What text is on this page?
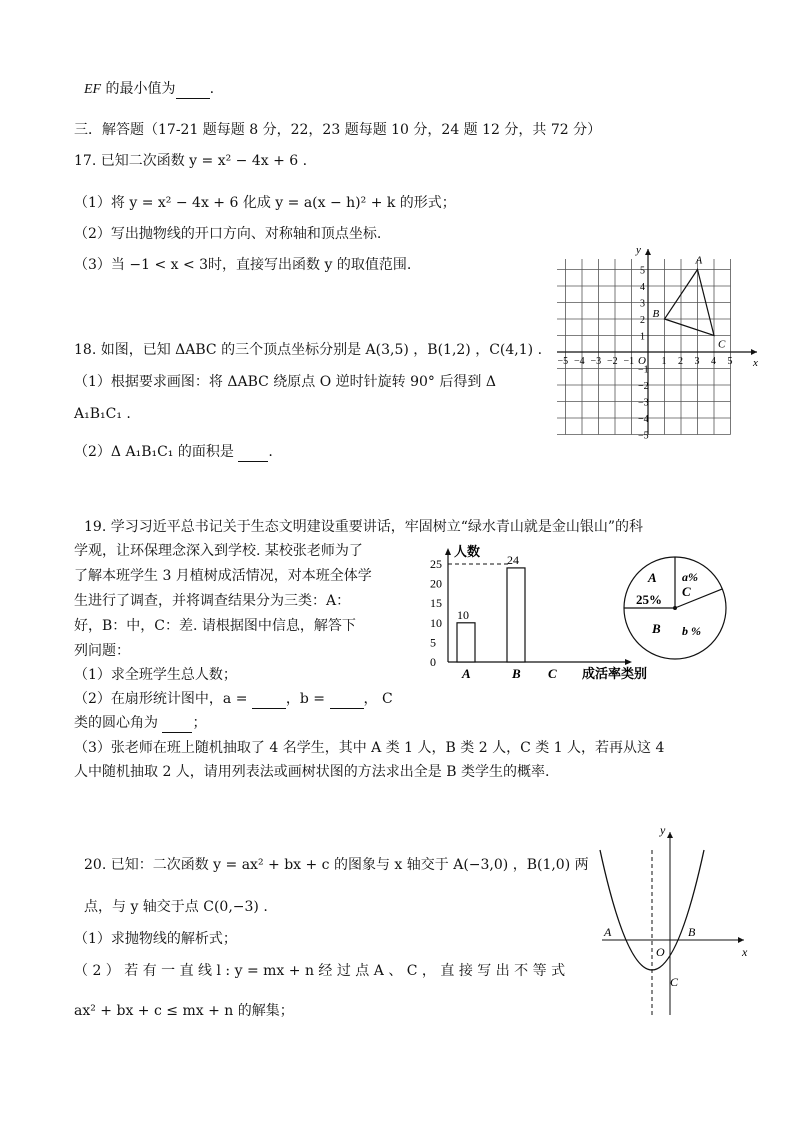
EF 的最小值为 .
三．解答题（17-21 题每题 8 分，22，23 题每题 10 分，24 题 12 分，共 72 分）
17. 已知二次函数 y = x² − 4x + 6 .
（1）将 y = x² − 4x + 6 化成 y = a(x − h)² + k 的形式；
（2）写出抛物线的开口方向、对称轴和顶点坐标.
（3）当 −1 < x < 3时，直接写出函数 y 的取值范围.
18. 如图，已知 ΔABC 的三个顶点坐标分别是 A(3,5) ，B(1,2) ，C(4,1) .
（1）根据要求画图：将 ΔABC 绕原点 O 逆时针旋转 90° 后得到 Δ
A₁B₁C₁ .
（2）Δ A₁B₁C₁ 的面积是 .
−5 −4 −3 −2 −1	1 2 3 4 5
5
4
3
2
1
−1
−2
−3
−4
−5
A
B
C
x
y
O
19. 学习习近平总书记关于生态文明建设重要讲话，牢固树立“绿水青山就是金山银山”的科
学观，让环保理念深入到学校. 某校张老师为了
了解本班学生 3 月植树成活情况，对本班全体学
生进行了调查，并将调查结果分为三类：A：
好，B：中，C：差. 请根据图中信息，解答下
列问题：
（1）求全班学生总人数；
（2）在扇形统计图中，a =	，b =	， C
类的圆心角为 ；
（3）张老师在班上随机抽取了 4 名学生，其中 A 类 1 人，B 类 2 人，C 类 1 人，若再从这 4
人中随机抽取 2 人，请用列表法或画树状图的方法求出全是 B 类学生的概率.
0
5
10
15
20
25
10
A
24
B C
人数
成活率类别
A
25%
a%
C
B b %
20. 已知：二次函数 y = ax² + bx + c 的图象与 x 轴交于 A(−3,0) ，B(1,0) 两
点，与 y 轴交于点 C(0,−3) .
（1）求抛物线的解析式；
（ 2 ） 若 有 一 直 线 l : y = mx + n 经 过 点 A 、 C ， 直 接 写 出 不 等 式
ax² + bx + c ≤ mx + n 的解集；
x
y
O
A	B
C
